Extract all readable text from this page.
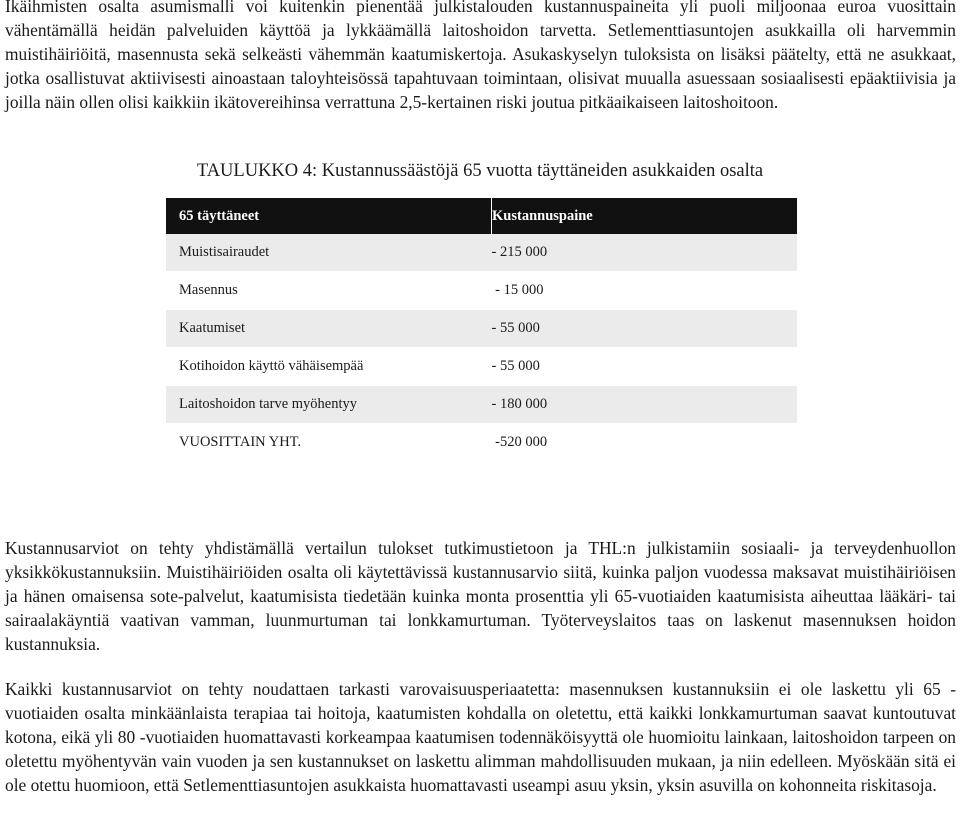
Ikäihmisten osalta asumismalli voi kuitenkin pienentää julkistalouden kustannuspaineita yli puoli miljoonaa euroa vuosittain vähentämällä heidän palveluiden käyttöä ja lykkäämällä laitoshoidon tarvetta. Setlementtiasuntojen asukkailla oli harvemmin muistihäiriöitä, masennusta sekä selkeästi vähemmän kaatumiskertoja. Asukaskyselyn tuloksista on lisäksi päätelty, että ne asukkaat, jotka osallistuvat aktiivisesti ainoastaan taloyhteisössä tapahtuvaan toimintaan, olisivat muualla asuessaan sosiaalisesti epäaktiivisia ja joilla näin ollen olisi kaikkiin ikätovereihinsa verrattuna 2,5-kertainen riski joutua pitkäaikaiseen laitoshoitoon.

TAULUKKO 4: Kustannussäästöjä 65 vuotta täyttäneiden asukkaiden osalta

65 täyttäneet	Kustannuspaine
Muistisairaudet	- 215 000
Masennus	- 15 000
Kaatumiset	- 55 000
Kotihoidon käyttö vähäisempää	- 55 000
Laitoshoidon tarve myöhentyy	- 180 000
VUOSITTAIN YHT.	-520 000

Kustannusarviot on tehty yhdistämällä vertailun tulokset tutkimustietoon ja THL:n julkistamiin sosiaali- ja terveydenhuollon yksikkökustannuksiin. Muistihäiriöiden osalta oli käytettävissä kustannusarvio siitä, kuinka paljon vuodessa maksavat muistihäiriöisen ja hänen omaisensa sote-palvelut, kaatumisista tiedetään kuinka monta prosenttia yli 65-vuotiaiden kaatumisista aiheuttaa lääkäri- tai sairaalakäyntiä vaativan vamman, luunmurtuman tai lonkkamurtuman. Työterveyslaitos taas on laskenut masennuksen hoidon kustannuksia.

Kaikki kustannusarviot on tehty noudattaen tarkasti varovaisuusperiaatetta: masennuksen kustannuksiin ei ole laskettu yli 65 -vuotiaiden osalta minkäänlaista terapiaa tai hoitoja, kaatumisten kohdalla on oletettu, että kaikki lonkkamurtuman saavat kuntoutuvat kotona, eikä yli 80 -vuotiaiden huomattavasti korkeampaa kaatumisen todennäköisyyttä ole huomioitu lainkaan, laitoshoidon tarpeen on oletettu myöhentyvän vain vuoden ja sen kustannukset on laskettu alimman mahdollisuuden mukaan, ja niin edelleen. Myöskään sitä ei ole otettu huomioon, että Setlementtiasuntojen asukkaista huomattavasti useampi asuu yksin, yksin asuvilla on kohonneita riskitasoja.
